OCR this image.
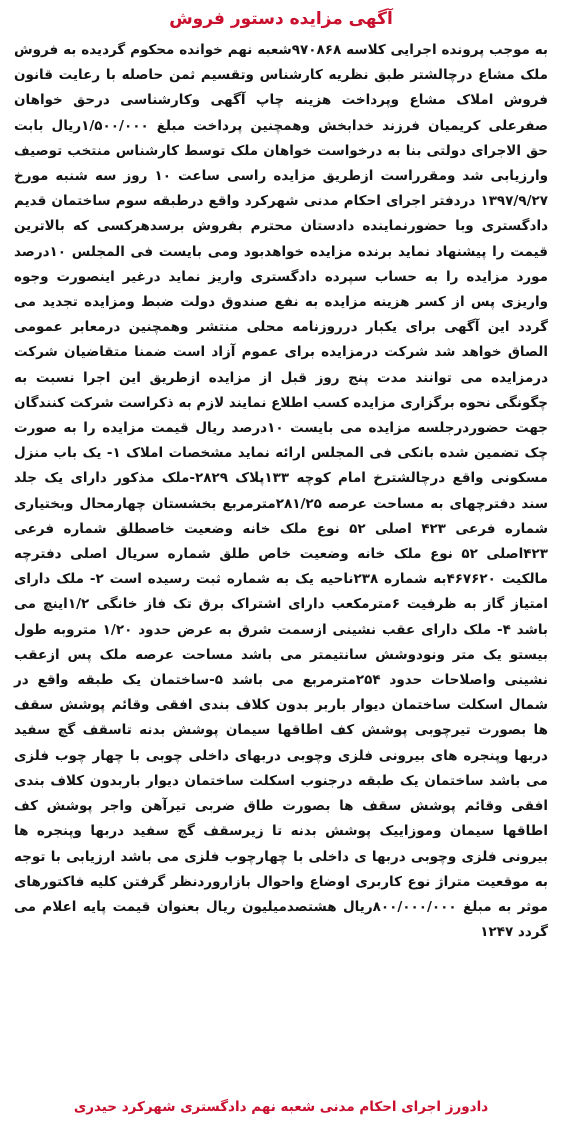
آگهی مزایده دستور فروش

به موجب پرونده اجرایی کلاسه ۹۷۰۸۶۸شعبه نهم خوانده محکوم گردیده به فروش ملک مشاع درچالشتر طبق نظریه کارشناس وتقسیم ثمن حاصله با رعایت قانون فروش املاک مشاع وپرداخت هزینه چاپ آگهی وکارشناسی درحق خواهان صفرعلی کریمیان فرزند خدابخش وهمچنین پرداخت مبلغ ۱/۵۰۰/۰۰۰ریال بابت حق الاجرای دولتی بنا به درخواست خواهان ملک توسط کارشناس منتخب توصیف وارزیابی شد ومقرراست ازطریق مزایده راسی ساعت ۱۰ روز سه شنبه مورخ ۱۳۹۷/۹/۲۷ دردفتر اجرای احکام مدنی شهرکرد واقع درطبقه سوم ساختمان قدیم دادگستری وبا حضورنماینده دادستان محترم بفروش برسدهرکسی که بالاترین قیمت را پیشنهاد نماید برنده مزایده خواهدبود ومی بایست فی المجلس ۱۰درصد مورد مزایده را به حساب سپرده دادگستری واریز نماید درغیر اینصورت وجوه واریزی پس از کسر هزینه مزایده به نفع صندوق دولت ضبط ومزایده تجدید می گردد این آگهی برای یکبار درروزنامه محلی منتشر وهمچنین درمعابر عمومی الصاق خواهد شد شرکت درمزایده برای عموم آزاد است ضمنا متقاضیان شرکت درمزایده می توانند مدت پنج روز قبل از مزایده ازطریق این اجرا نسبت به چگونگی نحوه برگزاری مزایده کسب اطلاع نمایند لازم به ذکراست شرکت کنندگان جهت حضوردرجلسه مزایده می بایست ۱۰درصد ریال قیمت مزایده را به صورت چک تضمین شده بانکی فی المجلس ارائه نماید مشخصات املاک ۱- یک باب منزل مسکونی واقع درچالشترخ امام کوچه ۱۳۳پلاک ۲۸۲۹-ملک مذکور دارای یک جلد سند دفترچهای به مساحت عرصه ۲۸۱/۲۵مترمربع بخشستان چهارمحال وبختیاری شماره فرعی ۴۲۳ اصلی ۵۲ نوع ملک خانه وضعیت خاصطلق شماره فرعی ۴۲۳اصلی ۵۲ نوع ملک خانه وضعیت خاص طلق شماره سریال اصلی دفترچه مالکیت ۴۶۷۶۲۰به شماره ۲۳۸ناحیه یک به شماره ثبت رسیده است ۲- ملک دارای امتیاز گاز به ظرفیت ۶مترمکعب دارای اشتراک برق تک فاز خانگی ۱/۲اینچ می باشد ۴- ملک دارای عقب نشینی ازسمت شرق به عرض حدود ۱/۲۰ متروبه طول بیستو یک متر ونودوشش سانتیمتر می باشد مساحت عرصه ملک پس ازعقب نشینی واصلاحات حدود ۲۵۴مترمربع می باشد ۵-ساختمان یک طبقه واقع در شمال اسکلت ساختمان دیوار باربر بدون کلاف بندی افقی وقائم پوشش سقف ها بصورت تیرچوبی پوشش کف اطاقها سیمان پوشش بدنه تاسقف گچ سفید دربها وپنجره های بیرونی فلزی وچوبی دربهای داخلی چوبی با چهار چوب فلزی می باشد ساختمان یک طبقه درجنوب اسکلت ساختمان دیوار باربدون کلاف بندی افقی وقائم پوشش سقف ها بصورت طاق ضربی تیرآهن واجر پوشش کف اطاقها سیمان وموزاییک پوشش بدنه تا زیرسقف گچ سفید دربها وپنجره ها بیرونی فلزی وچوبی دربها ی داخلی با چهارچوب فلزی می باشد ارزیابی با توجه به موقعیت متراژ نوع کاربری اوضاع واحوال بازاروردنظر گرفتن کلیه فاکتورهای موثر به مبلغ ۸۰۰/۰۰۰/۰۰۰ریال هشتصدمیلیون ریال بعنوان قیمت پایه اعلام می گردد ۱۲۴۷

دادورز اجرای احکام مدنی شعبه نهم دادگستری شهرکرد حیدری
